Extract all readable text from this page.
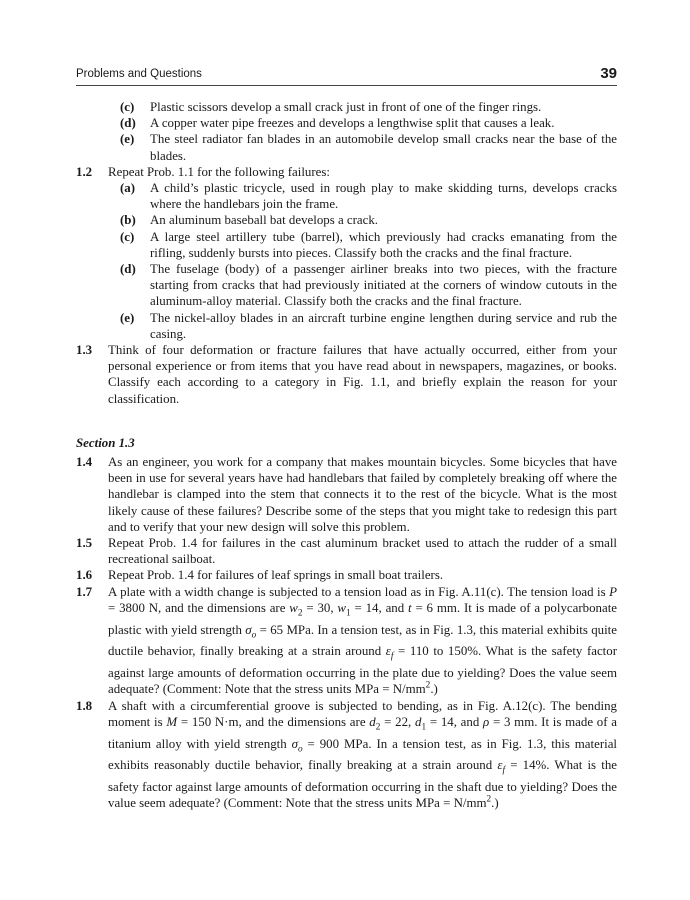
Problems and Questions	39
(c) Plastic scissors develop a small crack just in front of one of the finger rings.
(d) A copper water pipe freezes and develops a lengthwise split that causes a leak.
(e) The steel radiator fan blades in an automobile develop small cracks near the base of the blades.
1.2 Repeat Prob. 1.1 for the following failures:
(a) A child’s plastic tricycle, used in rough play to make skidding turns, develops cracks where the handlebars join the frame.
(b) An aluminum baseball bat develops a crack.
(c) A large steel artillery tube (barrel), which previously had cracks emanating from the rifling, suddenly bursts into pieces. Classify both the cracks and the final fracture.
(d) The fuselage (body) of a passenger airliner breaks into two pieces, with the fracture starting from cracks that had previously initiated at the corners of window cutouts in the aluminum-alloy material. Classify both the cracks and the final fracture.
(e) The nickel-alloy blades in an aircraft turbine engine lengthen during service and rub the casing.
1.3 Think of four deformation or fracture failures that have actually occurred, either from your personal experience or from items that you have read about in newspapers, magazines, or books. Classify each according to a category in Fig. 1.1, and briefly explain the reason for your classification.
Section 1.3
1.4 As an engineer, you work for a company that makes mountain bicycles. Some bicycles that have been in use for several years have had handlebars that failed by completely breaking off where the handlebar is clamped into the stem that connects it to the rest of the bicycle. What is the most likely cause of these failures? Describe some of the steps that you might take to redesign this part and to verify that your new design will solve this problem.
1.5 Repeat Prob. 1.4 for failures in the cast aluminum bracket used to attach the rudder of a small recreational sailboat.
1.6 Repeat Prob. 1.4 for failures of leaf springs in small boat trailers.
1.7 A plate with a width change is subjected to a tension load as in Fig. A.11(c). The tension load is P = 3800 N, and the dimensions are $w_2 = 30$, $w_1 = 14$, and t = 6 mm. It is made of a polycarbonate plastic with yield strength $\sigma_o = 65$ MPa. In a tension test, as in Fig. 1.3, this material exhibits quite ductile behavior, finally breaking at a strain around $\varepsilon_f = 110$ to 150%. What is the safety factor against large amounts of deformation occurring in the plate due to yielding? Does the value seem adequate? (Comment: Note that the stress units MPa = $N/mm^2$.)
1.8 A shaft with a circumferential groove is subjected to bending, as in Fig. A.12(c). The bending moment is M = 150 N·m, and the dimensions are $d_2 = 22$, $d_1 = 14$, and ρ = 3 mm. It is made of a titanium alloy with yield strength $\sigma_o = 900$ MPa. In a tension test, as in Fig. 1.3, this material exhibits reasonably ductile behavior, finally breaking at a strain around $\varepsilon_f = 14\%$. What is the safety factor against large amounts of deformation occurring in the shaft due to yielding? Does the value seem adequate? (Comment: Note that the stress units MPa = $N/mm^2$.)
